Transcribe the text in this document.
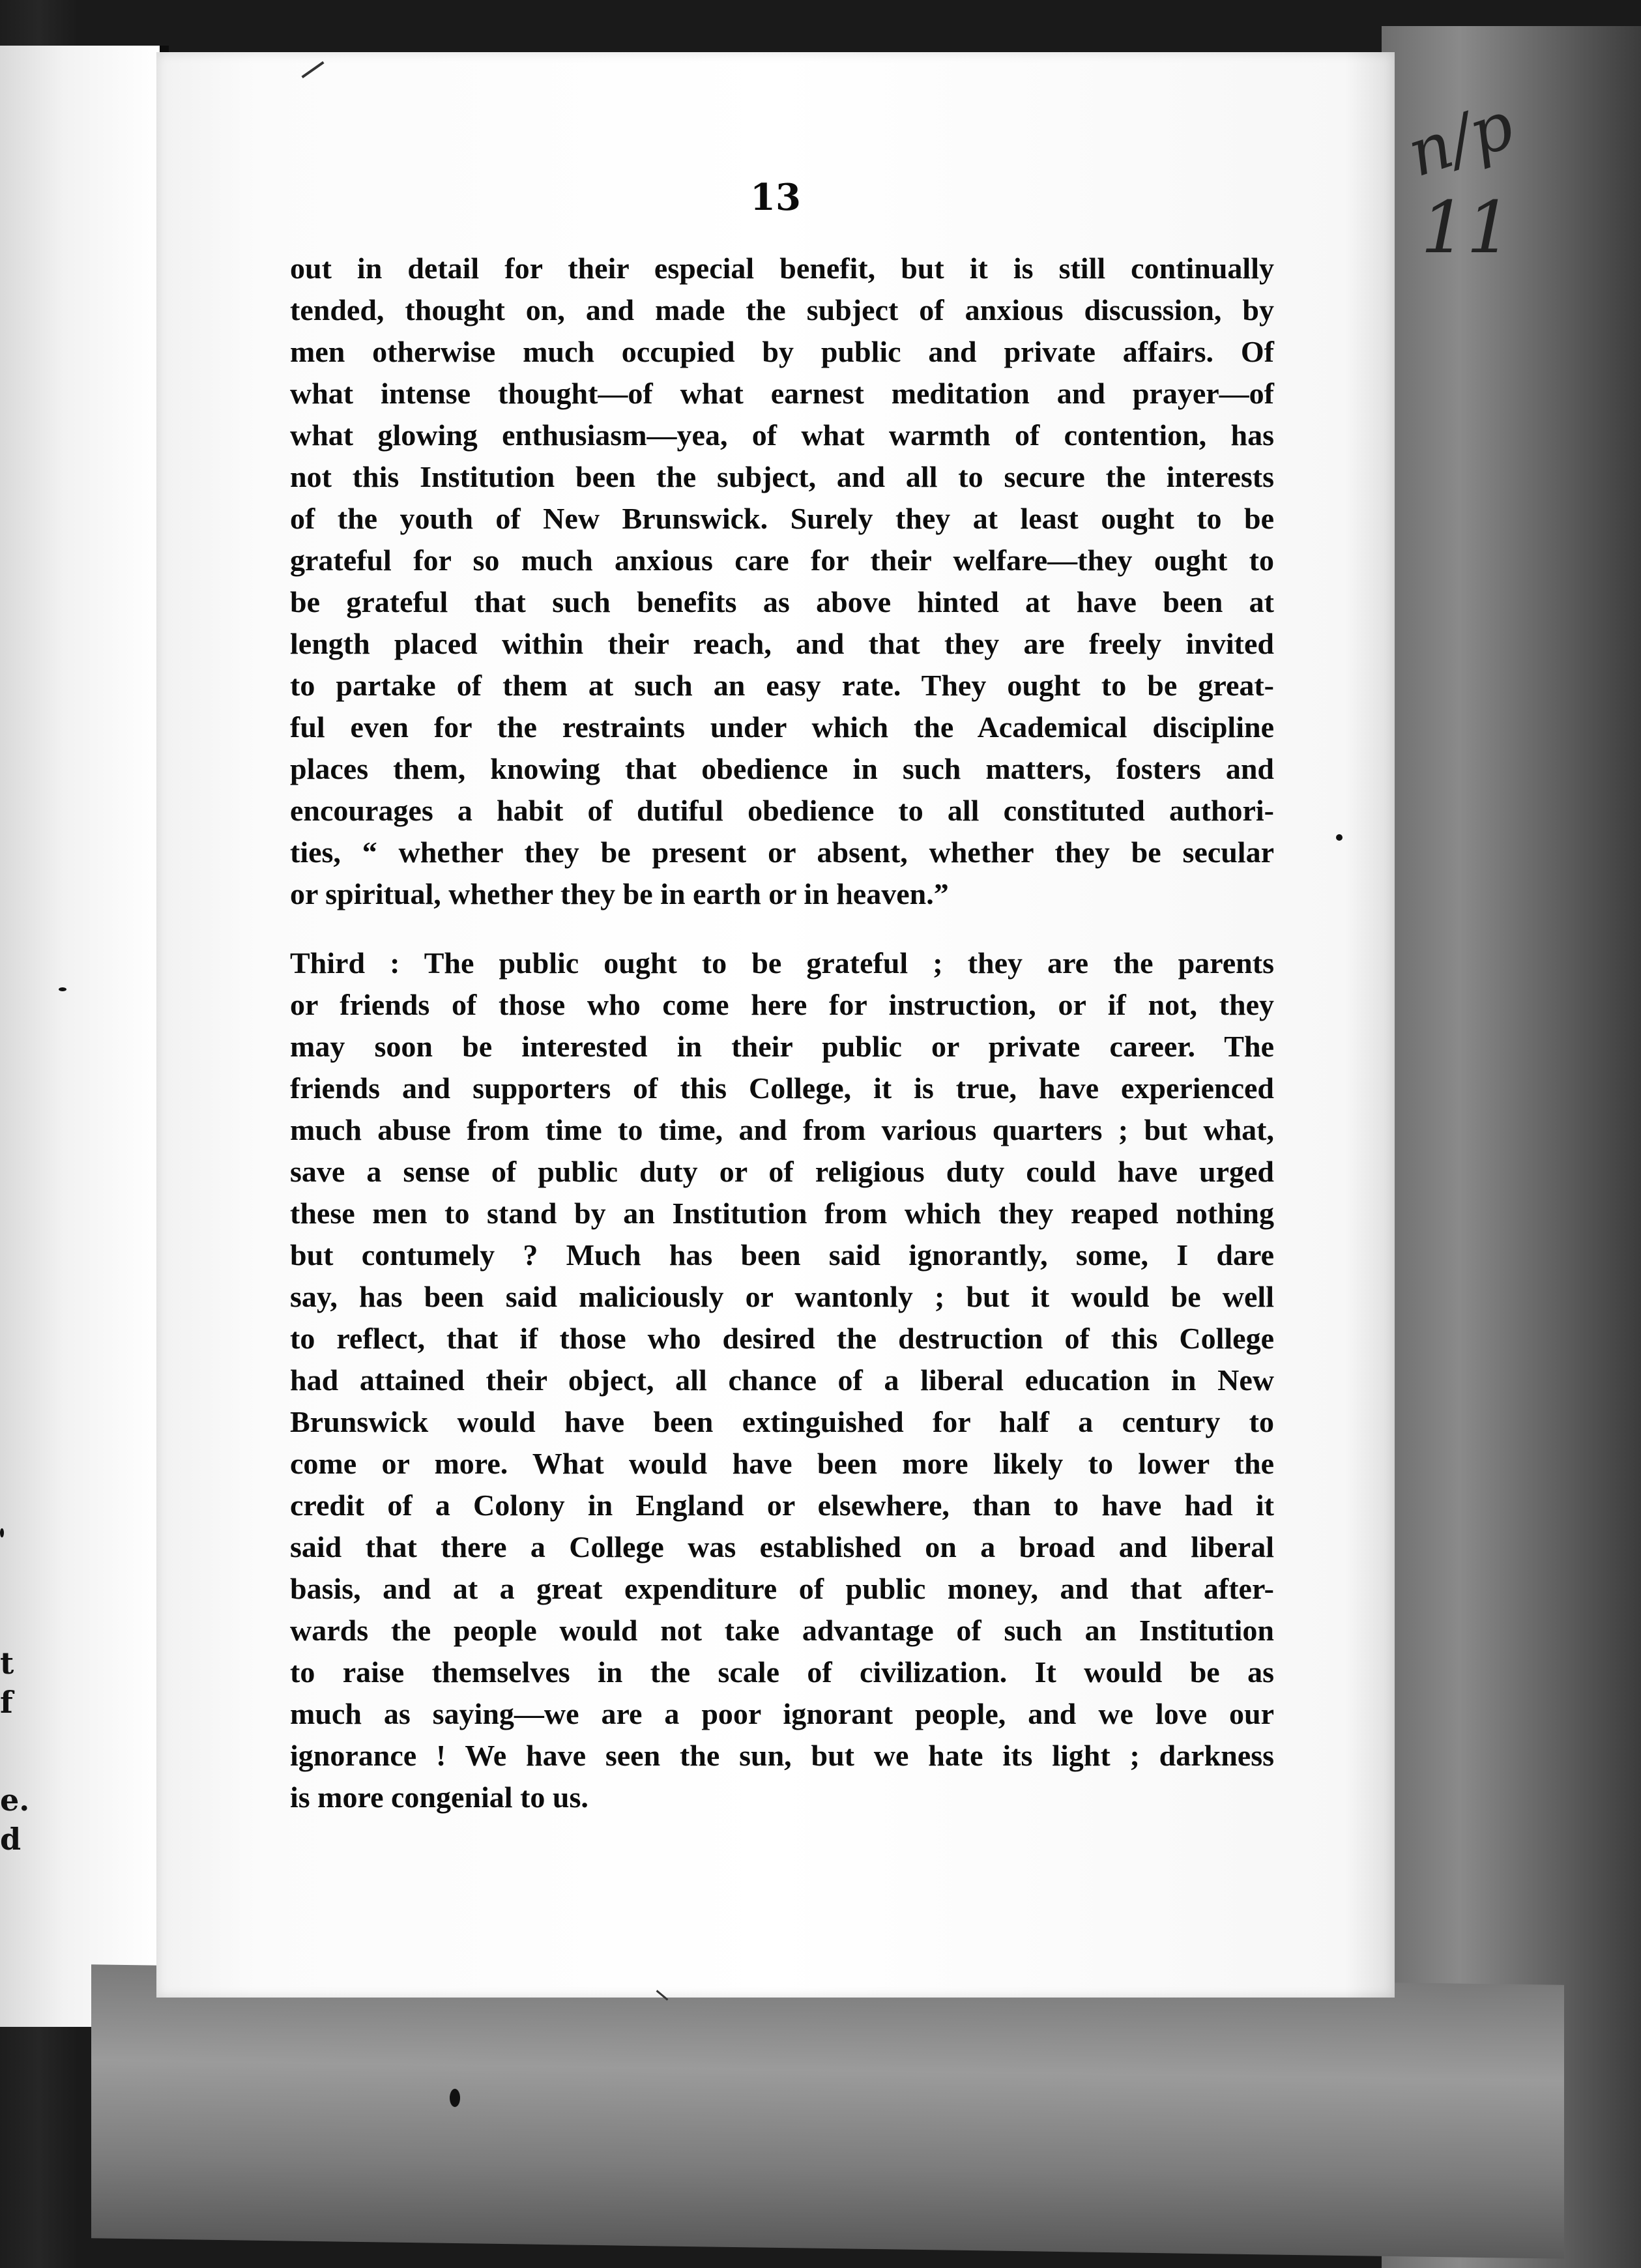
t
f
e.
d
n/p
11
13
out in detail for their especial benefit, but it is still continually
tended, thought on, and made the subject of anxious discussion, by
men otherwise much occupied by public and private affairs. Of
what intense thought—of what earnest meditation and prayer—of
what glowing enthusiasm—yea, of what warmth of contention, has
not this Institution been the subject, and all to secure the interests
of the youth of New Brunswick. Surely they at least ought to be
grateful for so much anxious care for their welfare—they ought to
be grateful that such benefits as above hinted at have been at
length placed within their reach, and that they are freely invited
to partake of them at such an easy rate. They ought to be great-
ful even for the restraints under which the Academical discipline
places them, knowing that obedience in such matters, fosters and
encourages a habit of dutiful obedience to all constituted authori-
ties, “ whether they be present or absent, whether they be secular
or spiritual, whether they be in earth or in heaven.”
Third : The public ought to be grateful ; they are the parents
or friends of those who come here for instruction, or if not, they
may soon be interested in their public or private career. The
friends and supporters of this College, it is true, have experienced
much abuse from time to time, and from various quarters ; but what,
save a sense of public duty or of religious duty could have urged
these men to stand by an Institution from which they reaped nothing
but contumely ? Much has been said ignorantly, some, I dare
say, has been said maliciously or wantonly ; but it would be well
to reflect, that if those who desired the destruction of this College
had attained their object, all chance of a liberal education in New
Brunswick would have been extinguished for half a century to
come or more. What would have been more likely to lower the
credit of a Colony in England or elsewhere, than to have had it
said that there a College was established on a broad and liberal
basis, and at a great expenditure of public money, and that after-
wards the people would not take advantage of such an Institution
to raise themselves in the scale of civilization. It would be as
much as saying—we are a poor ignorant people, and we love our
ignorance ! We have seen the sun, but we hate its light ; darkness
is more congenial to us.
